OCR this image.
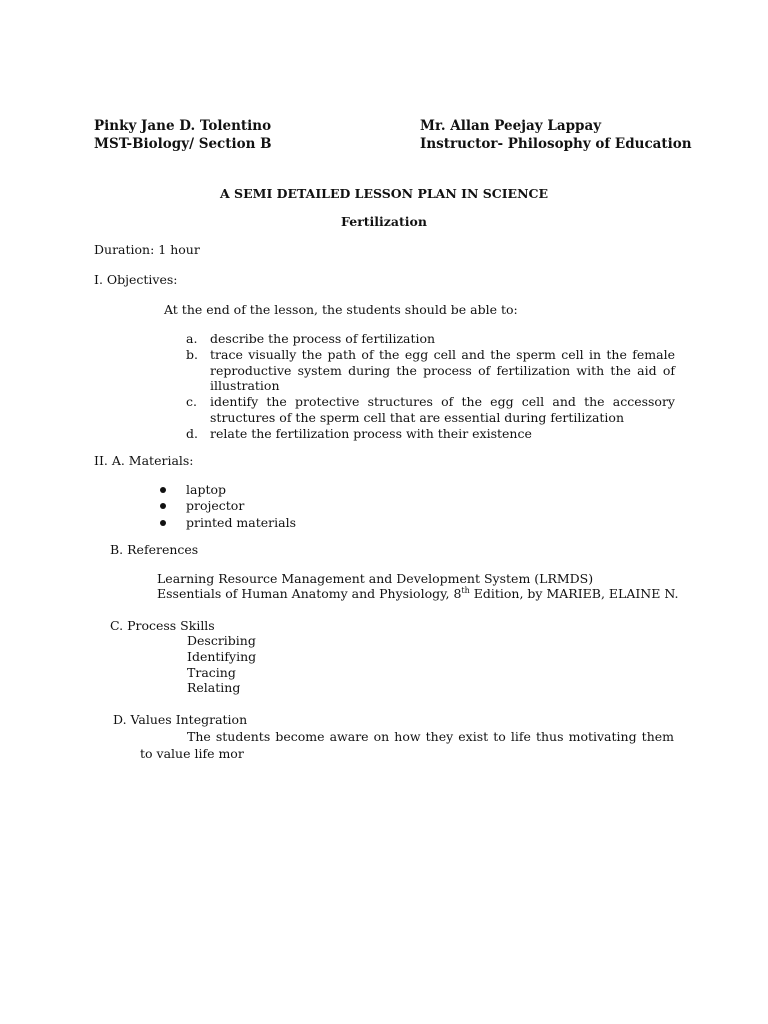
Pinky Jane D. Tolentino
MST-Biology/ Section B
Mr. Allan Peejay Lappay
Instructor- Philosophy of Education
A SEMI DETAILED LESSON PLAN IN SCIENCE
Fertilization
Duration: 1 hour
I. Objectives:
At the end of the lesson, the students should be able to:
a. describe the process of fertilization
b. trace visually the path of the egg cell and the sperm cell in the female reproductive system during the process of fertilization with the aid of illustration
c. identify the protective structures of the egg cell and the accessory structures of the sperm cell that are essential during fertilization
d. relate the fertilization process with their existence
II. A. Materials:
laptop
projector
printed materials
B. References
Learning Resource Management and Development System (LRMDS)
Essentials of Human Anatomy and Physiology, 8th Edition, by MARIEB, ELAINE N.
C. Process Skills
Describing
Identifying
Tracing
Relating
D. Values Integration
The students become aware on how they exist to life thus motivating them to value life mor
